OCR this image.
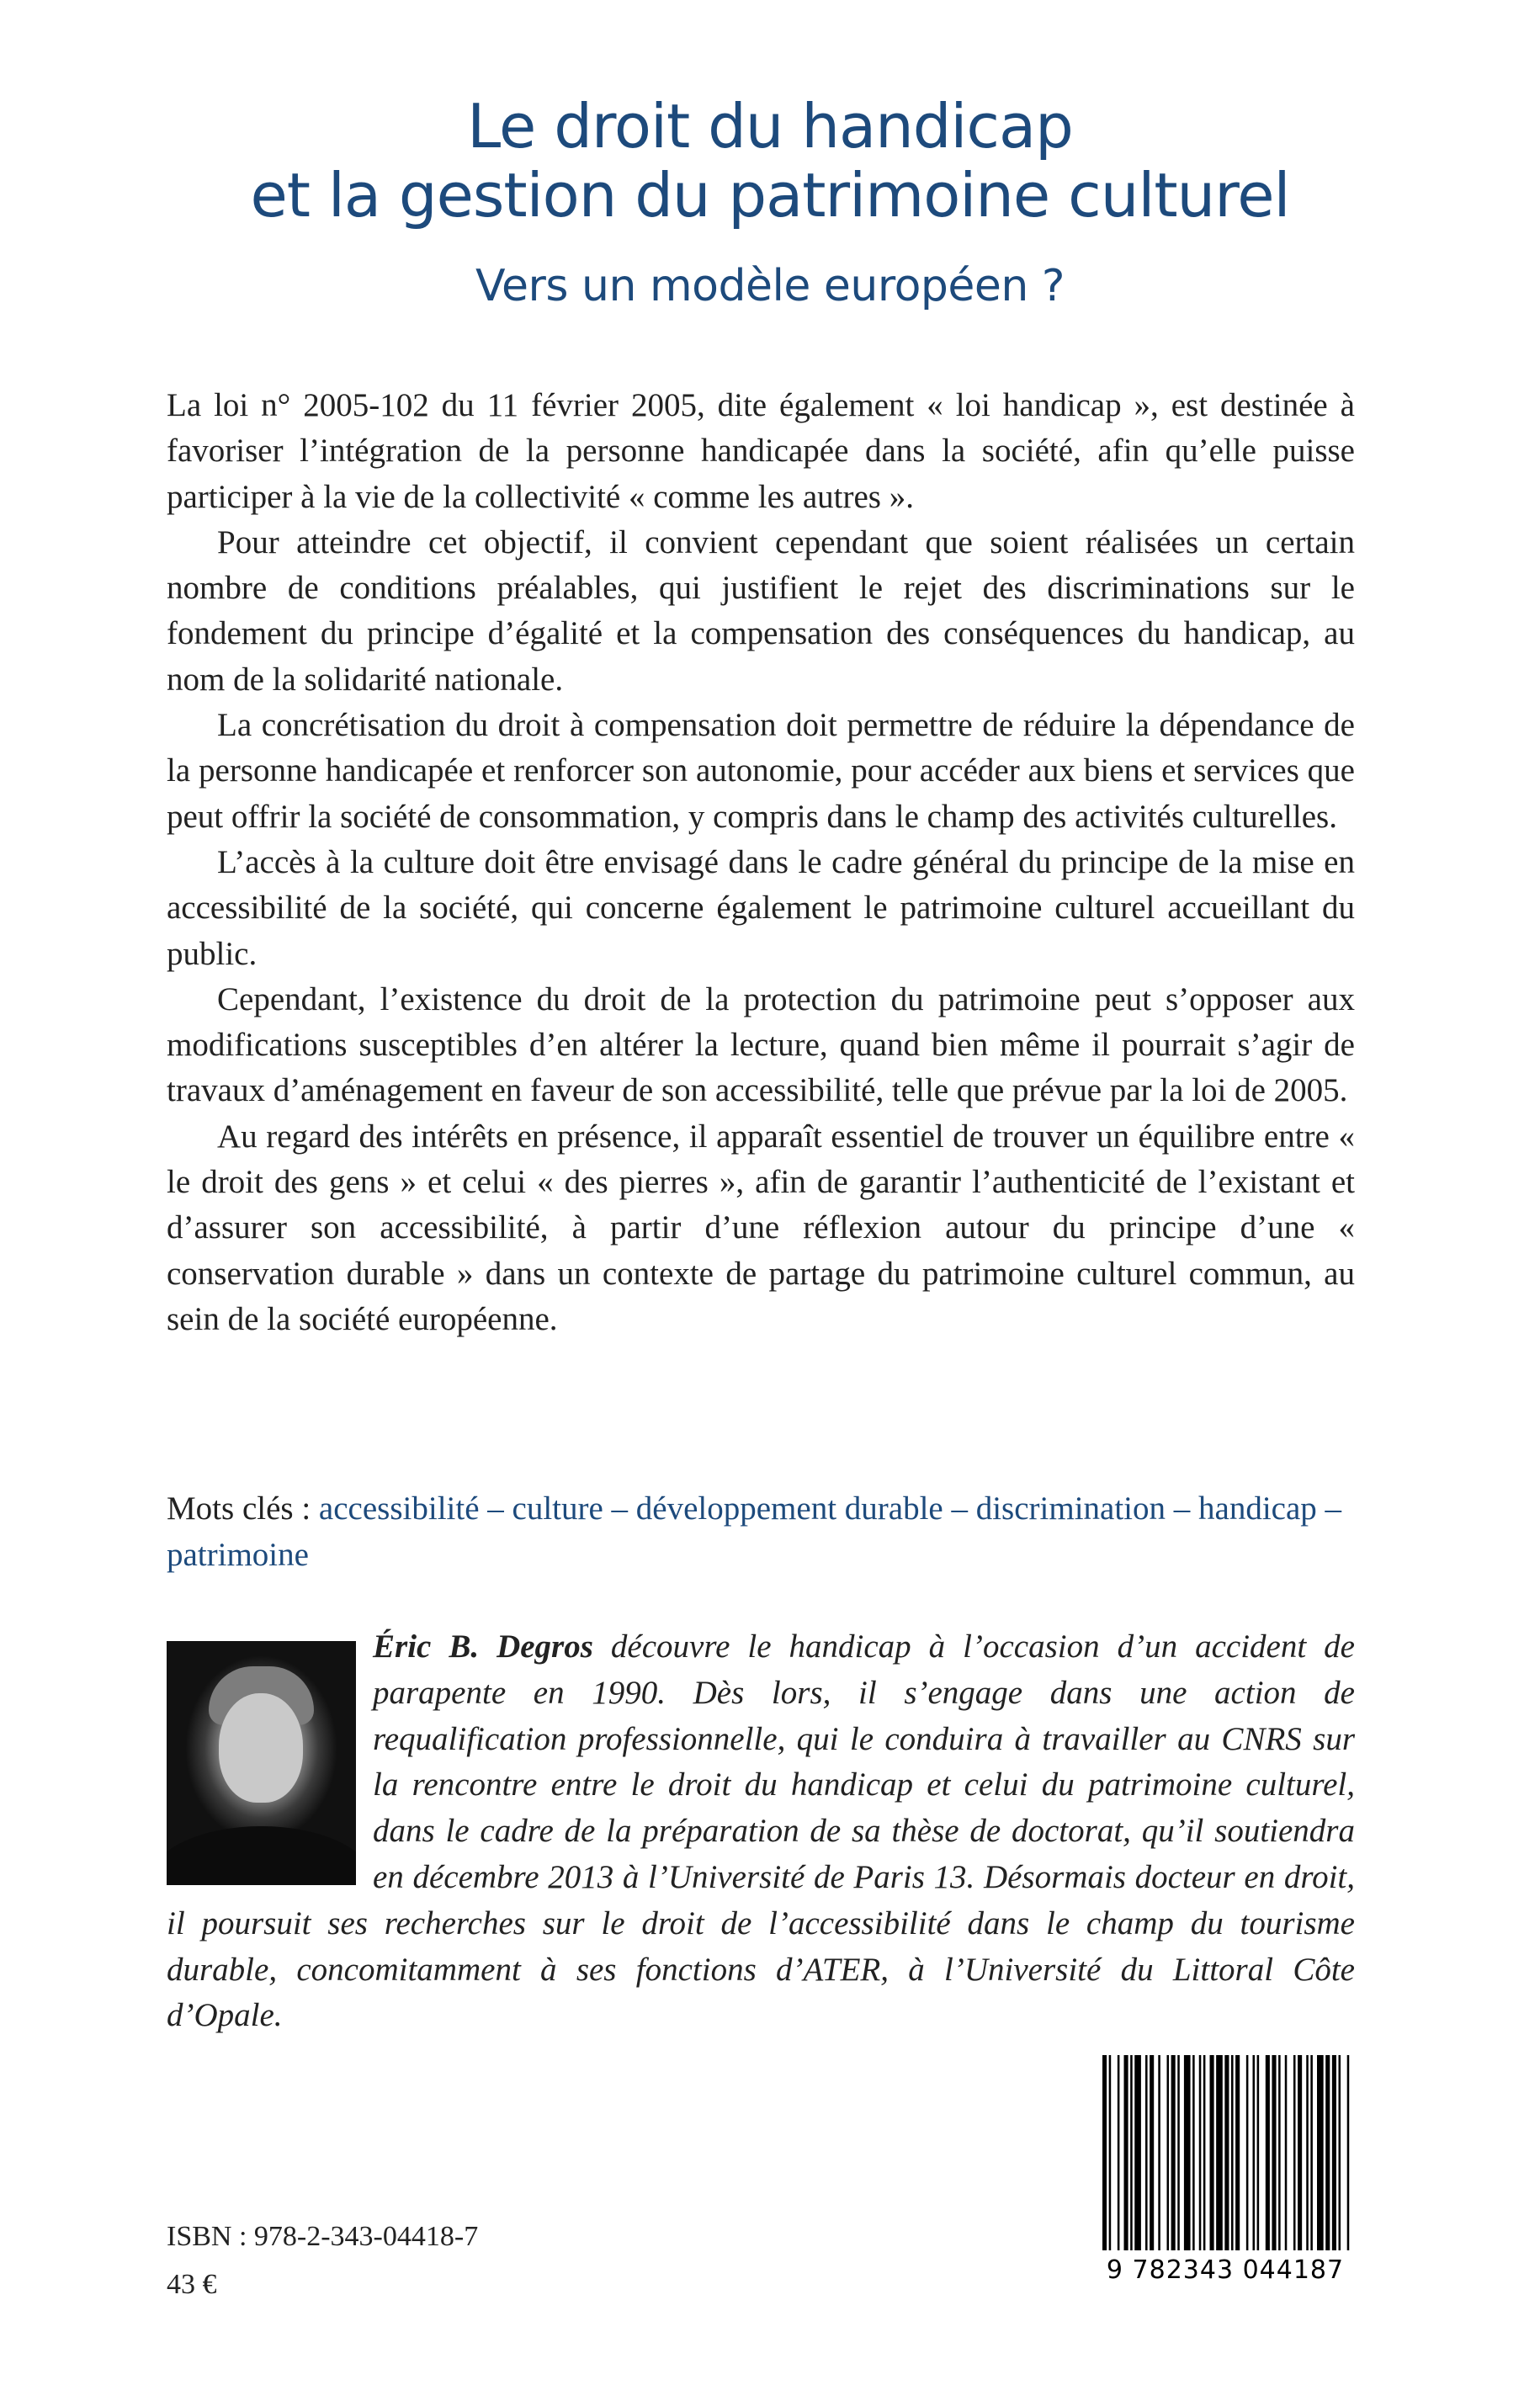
Le droit du handicap
et la gestion du patrimoine culturel
Vers un modèle européen ?

La loi n° 2005-102 du 11 février 2005, dite également « loi handicap », est destinée à favoriser l’intégration de la personne handicapée dans la société, afin qu’elle puisse participer à la vie de la collectivité « comme les autres ».

Pour atteindre cet objectif, il convient cependant que soient réalisées un certain nombre de conditions préalables, qui justifient le rejet des discriminations sur le fondement du principe d’égalité et la compensation des conséquences du handicap, au nom de la solidarité nationale.

La concrétisation du droit à compensation doit permettre de réduire la dépendance de la personne handicapée et renforcer son autonomie, pour accéder aux biens et services que peut offrir la société de consommation, y compris dans le champ des activités culturelles.

L’accès à la culture doit être envisagé dans le cadre général du principe de la mise en accessibilité de la société, qui concerne également le patrimoine culturel accueillant du public.

Cependant, l’existence du droit de la protection du patrimoine peut s’opposer aux modifications susceptibles d’en altérer la lecture, quand bien même il pourrait s’agir de travaux d’aménagement en faveur de son accessibilité, telle que prévue par la loi de 2005.

Au regard des intérêts en présence, il apparaît essentiel de trouver un équilibre entre « le droit des gens » et celui « des pierres », afin de garantir l’authenticité de l’existant et d’assurer son accessibilité, à partir d’une réflexion autour du principe d’une « conservation durable » dans un contexte de partage du patrimoine culturel commun, au sein de la société européenne.

Mots clés : accessibilité – culture – développement durable – discrimination – handicap – patrimoine

Éric B. Degros découvre le handicap à l’occasion d’un accident de parapente en 1990. Dès lors, il s’engage dans une action de requalification professionnelle, qui le conduira à travailler au CNRS sur la rencontre entre le droit du handicap et celui du patrimoine culturel, dans le cadre de la préparation de sa thèse de doctorat, qu’il soutiendra en décembre 2013 à l’Université de Paris 13. Désormais docteur en droit, il poursuit ses recherches sur le droit de l’accessibilité dans le champ du tourisme durable, concomitamment à ses fonctions d’ATER, à l’Université du Littoral Côte d’Opale.

ISBN : 978-2-343-04418-7

43 €	9 782343 044187
